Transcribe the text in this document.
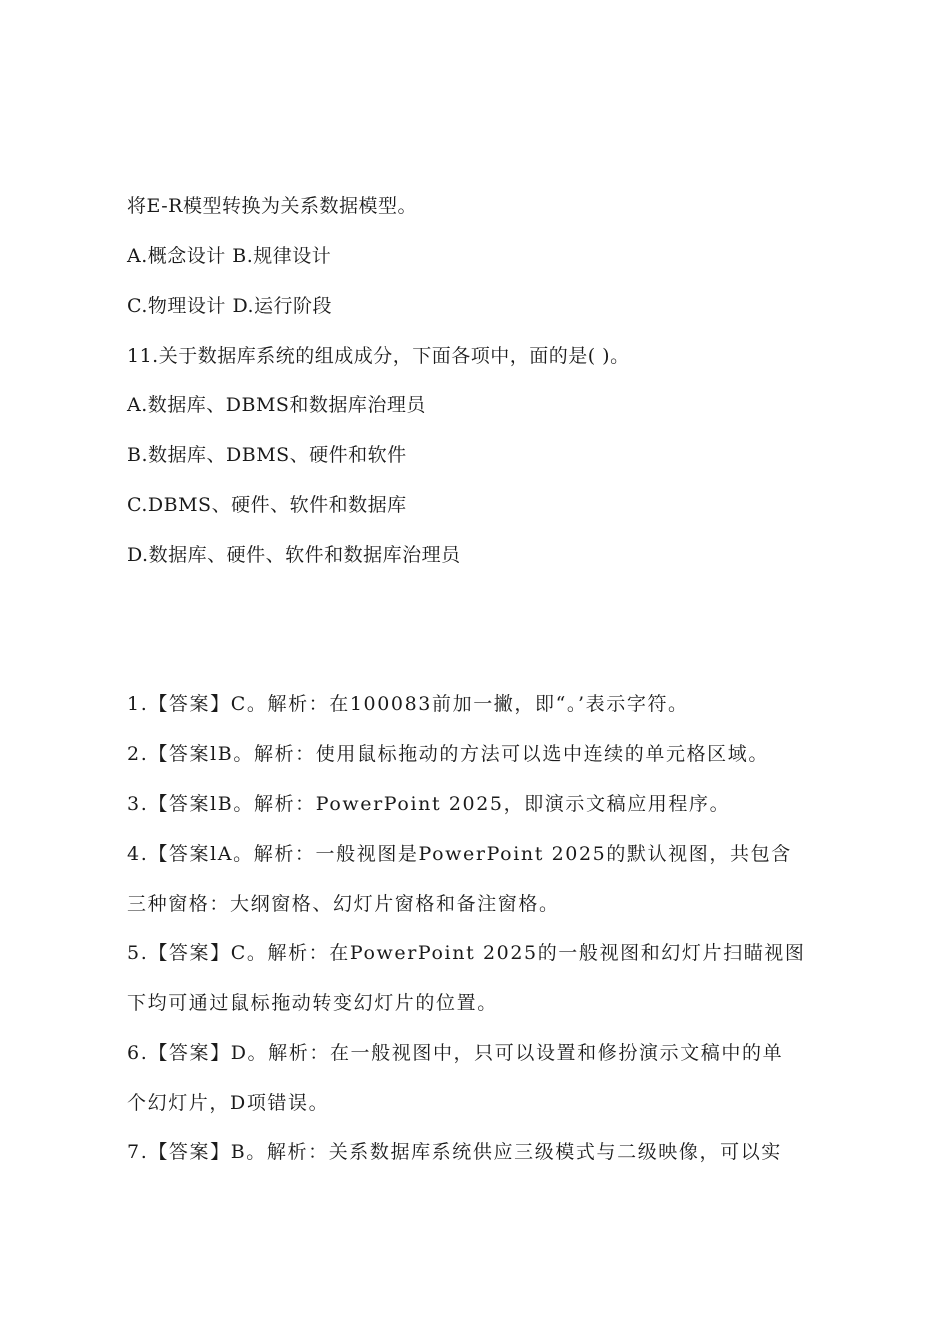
将E-R模型转换为关系数据模型。
A.概念设计 B.规律设计
C.物理设计 D.运行阶段
11.关于数据库系统的组成成分，下面各项中，面的是( )。
A.数据库、DBMS和数据库治理员
B.数据库、DBMS、硬件和软件
C.DBMS、硬件、软件和数据库
D.数据库、硬件、软件和数据库治理员
1.【答案】C。解析：在100083前加一撇，即“。’表示字符。
2.【答案lB。解析：使用鼠标拖动的方法可以选中连续的单元格区域。
3.【答案lB。解析：PowerPoint 2025，即演示文稿应用程序。
4.【答案lA。解析：一般视图是PowerPoint 2025的默认视图，共包含
三种窗格：大纲窗格、幻灯片窗格和备注窗格。
5.【答案】C。解析：在PowerPoint 2025的一般视图和幻灯片扫瞄视图
下均可通过鼠标拖动转变幻灯片的位置。
6.【答案】D。解析：在一般视图中，只可以设置和修扮演示文稿中的单
个幻灯片，D项错误。
7.【答案】B。解析：关系数据库系统供应三级模式与二级映像，可以实
